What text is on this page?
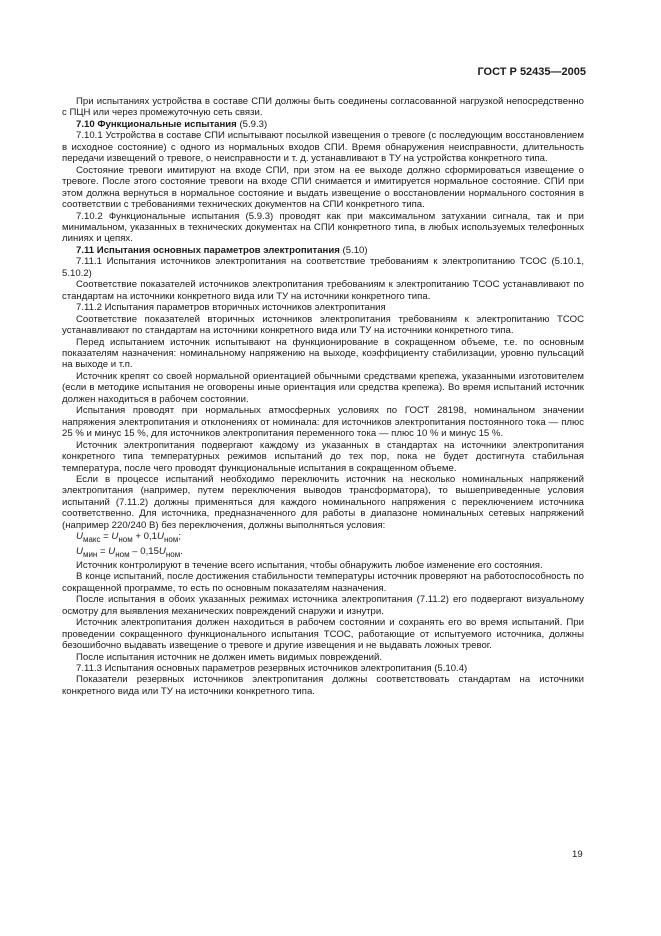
ГОСТ Р 52435—2005

При испытаниях устройства в составе СПИ должны быть соединены согласованной нагрузкой непосредственно с ПЦН или через промежуточную сеть связи.

7.10 Функциональные испытания (5.9.3)

7.10.1 Устройства в составе СПИ испытывают посылкой извещения о тревоге (с последующим восстановлением в исходное состояние) с одного из нормальных входов СПИ. Время обнаружения неисправности, длительность передачи извещений о тревоге, о неисправности и т. д. устанавливают в ТУ на устройства конкретного типа.

Состояние тревоги имитируют на входе СПИ, при этом на ее выходе должно сформироваться извещение о тревоге. После этого состояние тревоги на входе СПИ снимается и имитируется нормальное состояние. СПИ при этом должна вернуться в нормальное состояние и выдать извещение о восстановлении нормального состояния в соответствии с требованиями технических документов на СПИ конкретного типа.

7.10.2 Функциональные испытания (5.9.3) проводят как при максимальном затухании сигнала, так и при минимальном, указанных в технических документах на СПИ конкретного типа, в любых используемых телефонных линиях и цепях.

7.11 Испытания основных параметров электропитания (5.10)

7.11.1 Испытания источников электропитания на соответствие требованиям к электропитанию ТСОС (5.10.1, 5.10.2)

Соответствие показателей источников электропитания требованиям к электропитанию ТСОС устанавливают по стандартам на источники конкретного вида или ТУ на источники конкретного типа.

7.11.2 Испытания параметров вторичных источников электропитания

Соответствие показателей вторичных источников электропитания требованиям к электропитанию ТСОС устанавливают по стандартам на источники конкретного вида или ТУ на источники конкретного типа.

Перед испытанием источник испытывают на функционирование в сокращенном объеме, т.е. по основным показателям назначения: номинальному напряжению на выходе, коэффициенту стабилизации, уровню пульсаций на выходе и т.п.

Источник крепят со своей нормальной ориентацией обычными средствами крепежа, указанными изготовителем (если в методике испытания не оговорены иные ориентация или средства крепежа). Во время испытаний источник должен находиться в рабочем состоянии.

Испытания проводят при нормальных атмосферных условиях по ГОСТ 28198, номинальном значении напряжения электропитания и отклонениях от номинала: для источников электропитания постоянного тока — плюс 25 % и минус 15 %, для источников электропитания переменного тока — плюс 10 % и минус 15 %.

Источник электропитания подвергают каждому из указанных в стандартах на источники электропитания конкретного типа температурных режимов испытаний до тех пор, пока не будет достигнута стабильная температура, после чего проводят функциональные испытания в сокращенном объеме.

Если в процессе испытаний необходимо переключить источник на несколько номинальных напряжений электропитания (например, путем переключения выводов трансформатора), то вышеприведенные условия испытаний (7.11.2) должны применяться для каждого номинального напряжения с переключением источника соответственно. Для источника, предназначенного для работы в диапазоне номинальных сетевых напряжений (например 220/240 В) без переключения, должны выполняться условия:

$U_{макс} = U_{ном} + 0,1U_{ном}$;
$U_{мин} = U_{ном} - 0,15U_{ном}$.

Источник контролируют в течение всего испытания, чтобы обнаружить любое изменение его состояния.

В конце испытаний, после достижения стабильности температуры источник проверяют на работоспособность по сокращенной программе, то есть по основным показателям назначения.

После испытания в обоих указанных режимах источника электропитания (7.11.2) его подвергают визуальному осмотру для выявления механических повреждений снаружи и изнутри.

Источник электропитания должен находиться в рабочем состоянии и сохранять его во время испытаний. При проведении сокращенного функционального испытания ТСОС, работающие от испытуемого источника, должны безошибочно выдавать извещение о тревоге и другие извещения и не выдавать ложных тревог.

После испытания источник не должен иметь видимых повреждений.

7.11.3 Испытания основных параметров резервных источников электропитания (5.10.4)

Показатели резервных источников электропитания должны соответствовать стандартам на источники конкретного вида или ТУ на источники конкретного типа.

19
